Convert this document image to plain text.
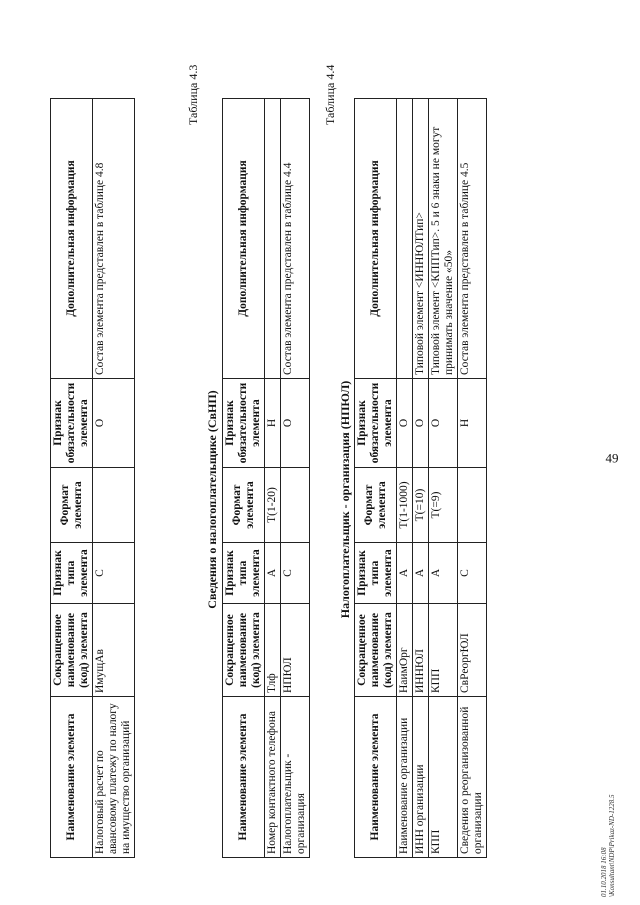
49
Наименование элемента	Сокращенное наименование (код) элемента	Признак типа элемента	Формат элемента	Признак обязательности элемента	Дополнительная информация
Налоговый расчет по авансовому платежу по налогу на имущество организаций	ИмущАв	С		О	Состав элемента представлен в таблице 4.8
Таблица 4.3
Сведения о налогоплательщике (СвНП)
Наименование элемента	Сокращенное наименование (код) элемента	Признак типа элемента	Формат элемента	Признак обязательности элемента	Дополнительная информация
Номер контактного телефона	Тлф	А	T(1-20)	Н	
Налогоплательщик - организация	НПЮЛ	С		О	Состав элемента представлен в таблице 4.4
Таблица 4.4
Налогоплательщик - организация (НПЮЛ)
Наименование элемента	Сокращенное наименование (код) элемента	Признак типа элемента	Формат элемента	Признак обязательности элемента	Дополнительная информация
Наименование организации	НаимОрг	А	T(1-1000)	О	
ИНН организации	ИННЮЛ	А	T(=10)	О	Типовой элемент <ИННЮЛТип>
КПП	КПП	А	T(=9)	О	Типовой элемент <КППТип>. 5 и 6 знаки не могут принимать значение «50»
Сведения о реорганизованной организации	СвРеоргЮЛ	С		Н	Состав элемента представлен в таблице 4.5
01.10.2018 16:08 \Konsultant\NDP\Prikaz-ND-1228.5
